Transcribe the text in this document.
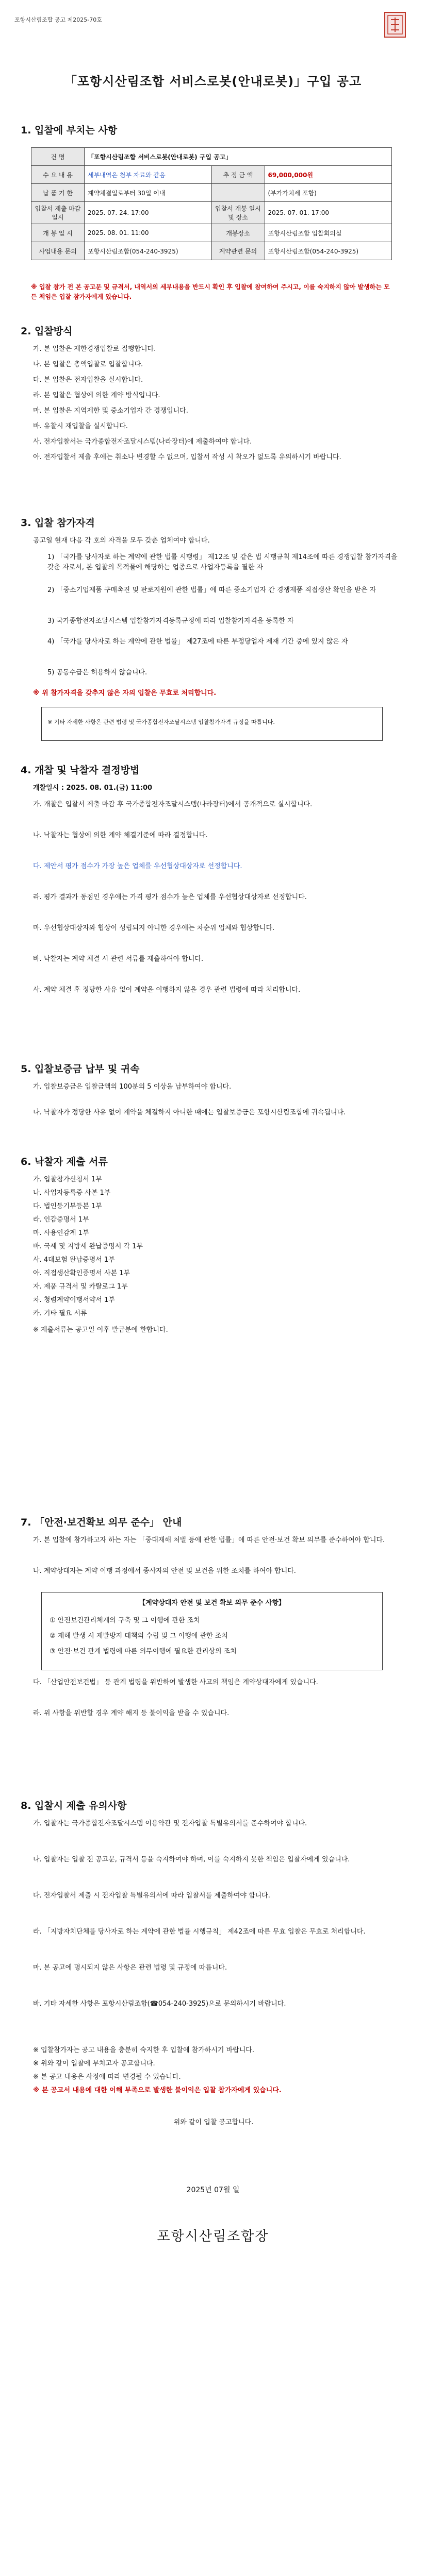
포항시산림조합 공고 제2025-70호
「포항시산림조합 서비스로봇(안내로봇)」구입 공고
1. 입찰에 부치는 사항
건 명	「포항시산림조합 서비스로봇(안내로봇) 구입 공고」		
수 요 내 용	세부내역은 첨부 자료와 같음	추 정 금 액	69,000,000원
납 품 기 한	계약체결일로부터 30일 이내		(부가가치세 포함)
입찰서 제출 마감 일시	2025. 07. 24. 17:00	입찰서 개봉 일시 및 장소	2025. 07. 01. 17:00
개 봉 일 시	2025. 08. 01. 11:00	개봉장소	포항시산림조합 입찰회의실
사업내용 문의	포항시산림조합(054-240-3925)	계약관련 문의	포항시산림조합(054-240-3925)
※ 입찰 참가 전 본 공고문 및 규격서, 내역서의 세부내용을 반드시 확인 후 입찰에 참여하여 주시고, 이를 숙지하지 않아 발생하는 모든 책임은 입찰 참가자에게 있습니다.
2. 입찰방식
가. 본 입찰은 제한경쟁입찰로 집행합니다.
나. 본 입찰은 총액입찰로 입찰합니다.
다. 본 입찰은 전자입찰을 실시합니다.
라. 본 입찰은 협상에 의한 계약 방식입니다.
마. 본 입찰은 지역제한 및 중소기업자 간 경쟁입니다.
바. 유찰시 재입찰을 실시합니다.
사. 전자입찰서는 국가종합전자조달시스템(나라장터)에 제출하여야 합니다.
아. 전자입찰서 제출 후에는 취소나 변경할 수 없으며, 입찰서 작성 시 착오가 없도록 유의하시기 바랍니다.
3. 입찰 참가자격
공고일 현재 다음 각 호의 자격을 모두 갖춘 업체여야 합니다.
1) 「국가를 당사자로 하는 계약에 관한 법률 시행령」 제12조 및 같은 법 시행규칙 제14조에 따른 경쟁입찰 참가자격을 갖춘 자로서, 본 입찰의 목적물에 해당하는 업종으로 사업자등록을 필한 자
2) 「중소기업제품 구매촉진 및 판로지원에 관한 법률」에 따른 중소기업자 간 경쟁제품 직접생산 확인을 받은 자
3) 국가종합전자조달시스템 입찰참가자격등록규정에 따라 입찰참가자격을 등록한 자
4) 「국가를 당사자로 하는 계약에 관한 법률」 제27조에 따른 부정당업자 제재 기간 중에 있지 않은 자
5) 공동수급은 허용하지 않습니다.
※ 위 참가자격을 갖추지 않은 자의 입찰은 무효로 처리합니다.
※ 기타 자세한 사항은 관련 법령 및 국가종합전자조달시스템 입찰참가자격 규정을 따릅니다.
4. 개찰 및 낙찰자 결정방법
개찰일시 : 2025. 08. 01.(금) 11:00
가. 개찰은 입찰서 제출 마감 후 국가종합전자조달시스템(나라장터)에서 공개적으로 실시합니다.
나. 낙찰자는 협상에 의한 계약 체결기준에 따라 결정합니다.
다. 제안서 평가 점수가 가장 높은 업체를 우선협상대상자로 선정합니다.
라. 평가 결과가 동점인 경우에는 가격 평가 점수가 높은 업체를 우선협상대상자로 선정합니다.
마. 우선협상대상자와 협상이 성립되지 아니한 경우에는 차순위 업체와 협상합니다.
바. 낙찰자는 계약 체결 시 관련 서류를 제출하여야 합니다.
사. 계약 체결 후 정당한 사유 없이 계약을 이행하지 않을 경우 관련 법령에 따라 처리합니다.
5. 입찰보증금 납부 및 귀속
가. 입찰보증금은 입찰금액의 100분의 5 이상을 납부하여야 합니다.
나. 낙찰자가 정당한 사유 없이 계약을 체결하지 아니한 때에는 입찰보증금은 포항시산림조합에 귀속됩니다.
6. 낙찰자 제출 서류
가. 입찰참가신청서 1부
나. 사업자등록증 사본 1부
다. 법인등기부등본 1부
라. 인감증명서 1부
마. 사용인감계 1부
바. 국세 및 지방세 완납증명서 각 1부
사. 4대보험 완납증명서 1부
아. 직접생산확인증명서 사본 1부
자. 제품 규격서 및 카탈로그 1부
차. 청렴계약이행서약서 1부
카. 기타 필요 서류
※ 제출서류는 공고일 이후 발급분에 한합니다.
7. 「안전·보건확보 의무 준수」 안내
가. 본 입찰에 참가하고자 하는 자는 「중대재해 처벌 등에 관한 법률」에 따른 안전·보건 확보 의무를 준수하여야 합니다.
나. 계약상대자는 계약 이행 과정에서 종사자의 안전 및 보건을 위한 조치를 하여야 합니다.
【계약상대자 안전 및 보건 확보 의무 준수 사항】
① 안전보건관리체계의 구축 및 그 이행에 관한 조치
② 재해 발생 시 재발방지 대책의 수립 및 그 이행에 관한 조치
③ 안전·보건 관계 법령에 따른 의무이행에 필요한 관리상의 조치
다. 「산업안전보건법」 등 관계 법령을 위반하여 발생한 사고의 책임은 계약상대자에게 있습니다.
라. 위 사항을 위반할 경우 계약 해지 등 불이익을 받을 수 있습니다.
8. 입찰시 제출 유의사항
가. 입찰자는 국가종합전자조달시스템 이용약관 및 전자입찰 특별유의서를 준수하여야 합니다.
나. 입찰자는 입찰 전 공고문, 규격서 등을 숙지하여야 하며, 이를 숙지하지 못한 책임은 입찰자에게 있습니다.
다. 전자입찰서 제출 시 전자입찰 특별유의서에 따라 입찰서를 제출하여야 합니다.
라. 「지방자치단체를 당사자로 하는 계약에 관한 법률 시행규칙」 제42조에 따른 무효 입찰은 무효로 처리합니다.
마. 본 공고에 명시되지 않은 사항은 관련 법령 및 규정에 따릅니다.
바. 기타 자세한 사항은 포항시산림조합(☎054-240-3925)으로 문의하시기 바랍니다.
※ 입찰참가자는 공고 내용을 충분히 숙지한 후 입찰에 참가하시기 바랍니다.
※ 위와 같이 입찰에 부치고자 공고합니다.
※ 본 공고 내용은 사정에 따라 변경될 수 있습니다.
※ 본 공고서 내용에 대한 이해 부족으로 발생한 불이익은 입찰 참가자에게 있습니다.
위와 같이 입찰 공고합니다.
2025년 07월 일
포항시산림조합장
